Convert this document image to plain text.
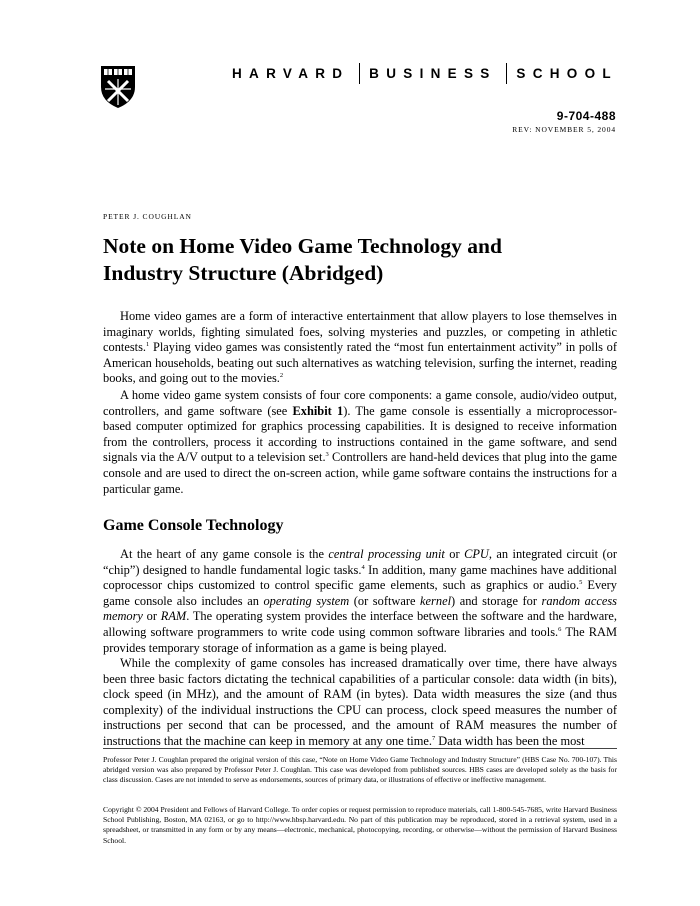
HARVARD BUSINESS SCHOOL
9-704-488
REV: NOVEMBER 5, 2004
PETER J. COUGHLAN
Note on Home Video Game Technology and
Industry Structure (Abridged)

Home video games are a form of interactive entertainment that allow players to lose themselves in imaginary worlds, fighting simulated foes, solving mysteries and puzzles, or competing in athletic contests.$^1$ Playing video games was consistently rated the “most fun entertainment activity” in polls of American households, beating out such alternatives as watching television, surfing the internet, reading books, and going out to the movies.$^2$

A home video game system consists of four core components: a game console, audio/video output, controllers, and game software (see Exhibit 1). The game console is essentially a microprocessor-based computer optimized for graphics processing capabilities. It is designed to receive information from the controllers, process it according to instructions contained in the game software, and send signals via the A/V output to a television set.$^3$ Controllers are hand-held devices that plug into the game console and are used to direct the on-screen action, while game software contains the instructions for a particular game.

Game Console Technology

At the heart of any game console is the central processing unit or CPU, an integrated circuit (or “chip”) designed to handle fundamental logic tasks.$^4$ In addition, many game machines have additional coprocessor chips customized to control specific game elements, such as graphics or audio.$^5$ Every game console also includes an operating system (or software kernel) and storage for random access memory or RAM. The operating system provides the interface between the software and the hardware, allowing software programmers to write code using common software libraries and tools.$^6$ The RAM provides temporary storage of information as a game is being played.

While the complexity of game consoles has increased dramatically over time, there have always been three basic factors dictating the technical capabilities of a particular console: data width (in bits), clock speed (in MHz), and the amount of RAM (in bytes). Data width measures the size (and thus complexity) of the individual instructions the CPU can process, clock speed measures the number of instructions per second that can be processed, and the amount of RAM measures the number of instructions that the machine can keep in memory at any one time.$^7$ Data width has been the most

Professor Peter J. Coughlan prepared the original version of this case, “Note on Home Video Game Technology and Industry Structure” (HBS Case No. 700-107). This abridged version was also prepared by Professor Peter J. Coughlan. This case was developed from published sources. HBS cases are developed solely as the basis for class discussion. Cases are not intended to serve as endorsements, sources of primary data, or illustrations of effective or ineffective management.

Copyright © 2004 President and Fellows of Harvard College. To order copies or request permission to reproduce materials, call 1-800-545-7685, write Harvard Business School Publishing, Boston, MA 02163, or go to http://www.hbsp.harvard.edu. No part of this publication may be reproduced, stored in a retrieval system, used in a spreadsheet, or transmitted in any form or by any means—electronic, mechanical, photocopying, recording, or otherwise—without the permission of Harvard Business School.
